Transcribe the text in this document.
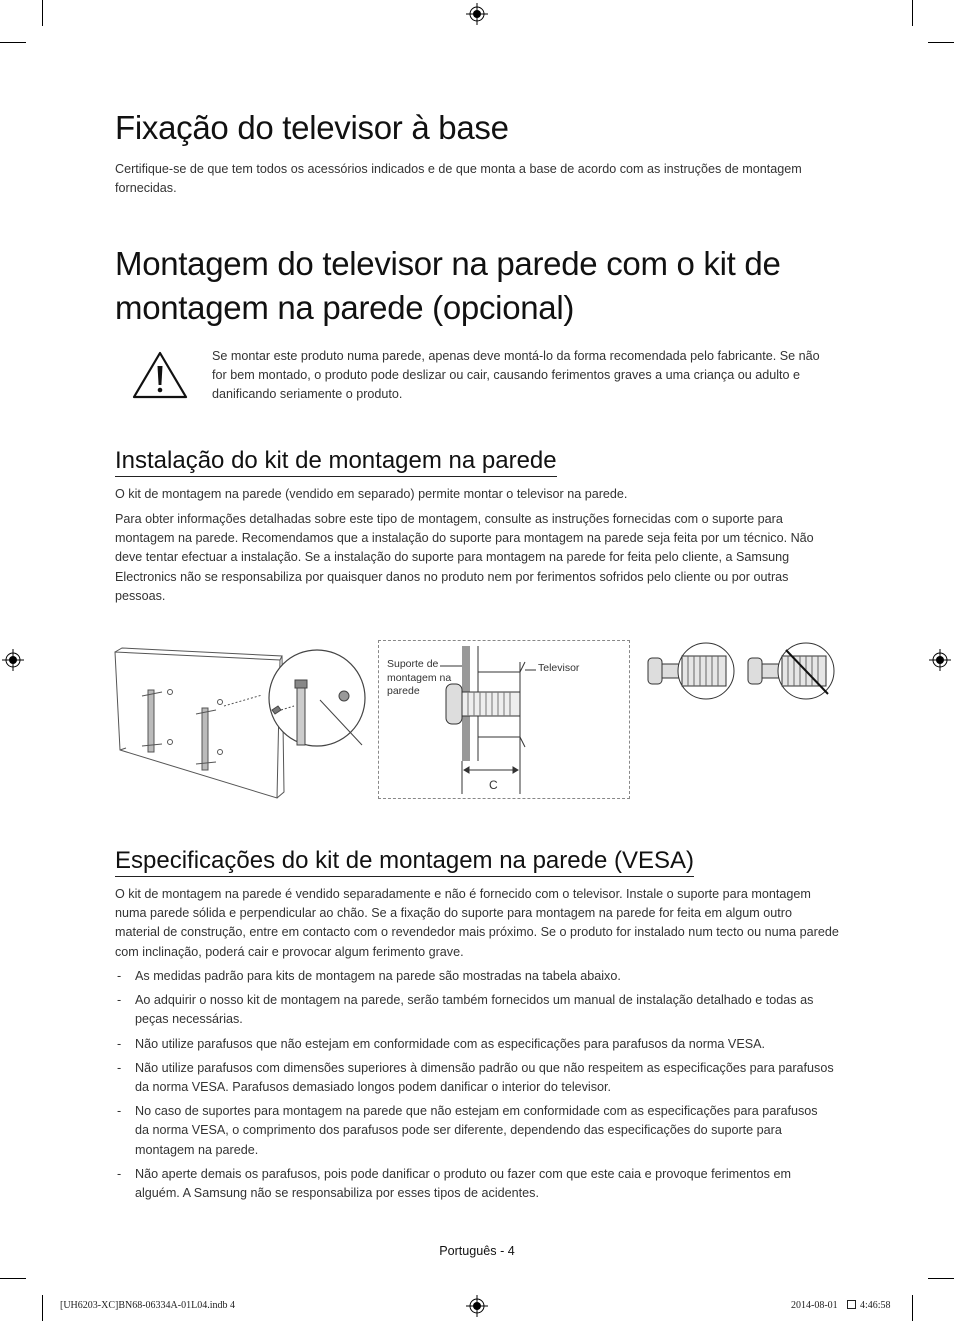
Fixação do televisor à base

Certifique-se de que tem todos os acessórios indicados e de que monta a base de acordo com as instruções de montagem fornecidas.

Montagem do televisor na parede com o kit de montagem na parede (opcional)

Se montar este produto numa parede, apenas deve montá-lo da forma recomendada pelo fabricante. Se não for bem montado, o produto pode deslizar ou cair, causando ferimentos graves a uma criança ou adulto e danificando seriamente o produto.

Instalação do kit de montagem na parede

O kit de montagem na parede (vendido em separado) permite montar o televisor na parede.

Para obter informações detalhadas sobre este tipo de montagem, consulte as instruções fornecidas com o suporte para montagem na parede. Recomendamos que a instalação do suporte para montagem na parede seja feita por um técnico. Não deve tentar efectuar a instalação. Se a instalação do suporte para montagem na parede for feita pelo cliente, a Samsung Electronics não se responsabiliza por quaisquer danos no produto nem por ferimentos sofridos pelo cliente ou por outras pessoas.

Suporte de montagem na parede
Televisor
C
Especificações do kit de montagem na parede (VESA)

O kit de montagem na parede é vendido separadamente e não é fornecido com o televisor. Instale o suporte para montagem numa parede sólida e perpendicular ao chão. Se a fixação do suporte para montagem na parede for feita em algum outro material de construção, entre em contacto com o revendedor mais próximo. Se o produto for instalado num tecto ou numa parede com inclinação, poderá cair e provocar algum ferimento grave.

- As medidas padrão para kits de montagem na parede são mostradas na tabela abaixo.
- Ao adquirir o nosso kit de montagem na parede, serão também fornecidos um manual de instalação detalhado e todas as peças necessárias.
- Não utilize parafusos que não estejam em conformidade com as especificações para parafusos da norma VESA.
- Não utilize parafusos com dimensões superiores à dimensão padrão ou que não respeitem as especificações para parafusos da norma VESA. Parafusos demasiado longos podem danificar o interior do televisor.
- No caso de suportes para montagem na parede que não estejam em conformidade com as especificações para parafusos da norma VESA, o comprimento dos parafusos pode ser diferente, dependendo das especificações do suporte para montagem na parede.
- Não aperte demais os parafusos, pois pode danificar o produto ou fazer com que este caia e provoque ferimentos em alguém. A Samsung não se responsabiliza por esses tipos de acidentes.
Português - 4
[UH6203-XC]BN68-06334A-01L04.indb 4	2014-08-01 4:46:58
